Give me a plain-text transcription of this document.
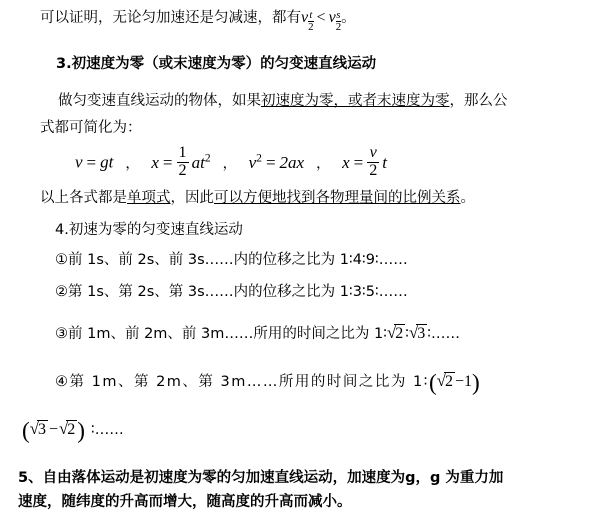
可以证明，无论匀加速还是匀减速，都有v $\frac{t}{2} < v \frac{s}{2}$ 。
3.初速度为零（或末速度为零）的匀变速直线运动
做匀变速直线运动的物体，如果初速度为零，或者末速度为零，那么公
式都可简化为：
v = gt ， $x = \frac{1}{2} at^2$ ， $v^2 = 2ax$ ， $x = \frac{v}{2}$ t
以上各式都是单项式，因此可以方便地找到各物理量间的比例关系。
4.初速为零的匀变速直线运动
①前 1s、前 2s、前 3s……内的位移之比为 1∶4∶9∶……
②第 1s、第 2s、第 3s……内的位移之比为 1∶3∶5∶……
③前 1m、前 2m、前 3m……所用的时间之比为 1∶√2 ∶√3 ∶……
④第 1m、第 2m、第 3m……所用的时间之比为 1∶(√2 −1)
(√3 −√2) ∶……
5、自由落体运动是初速度为零的匀加速直线运动，加速度为g，g 为重力加
速度，随纬度的升高而增大，随高度的升高而减小。
